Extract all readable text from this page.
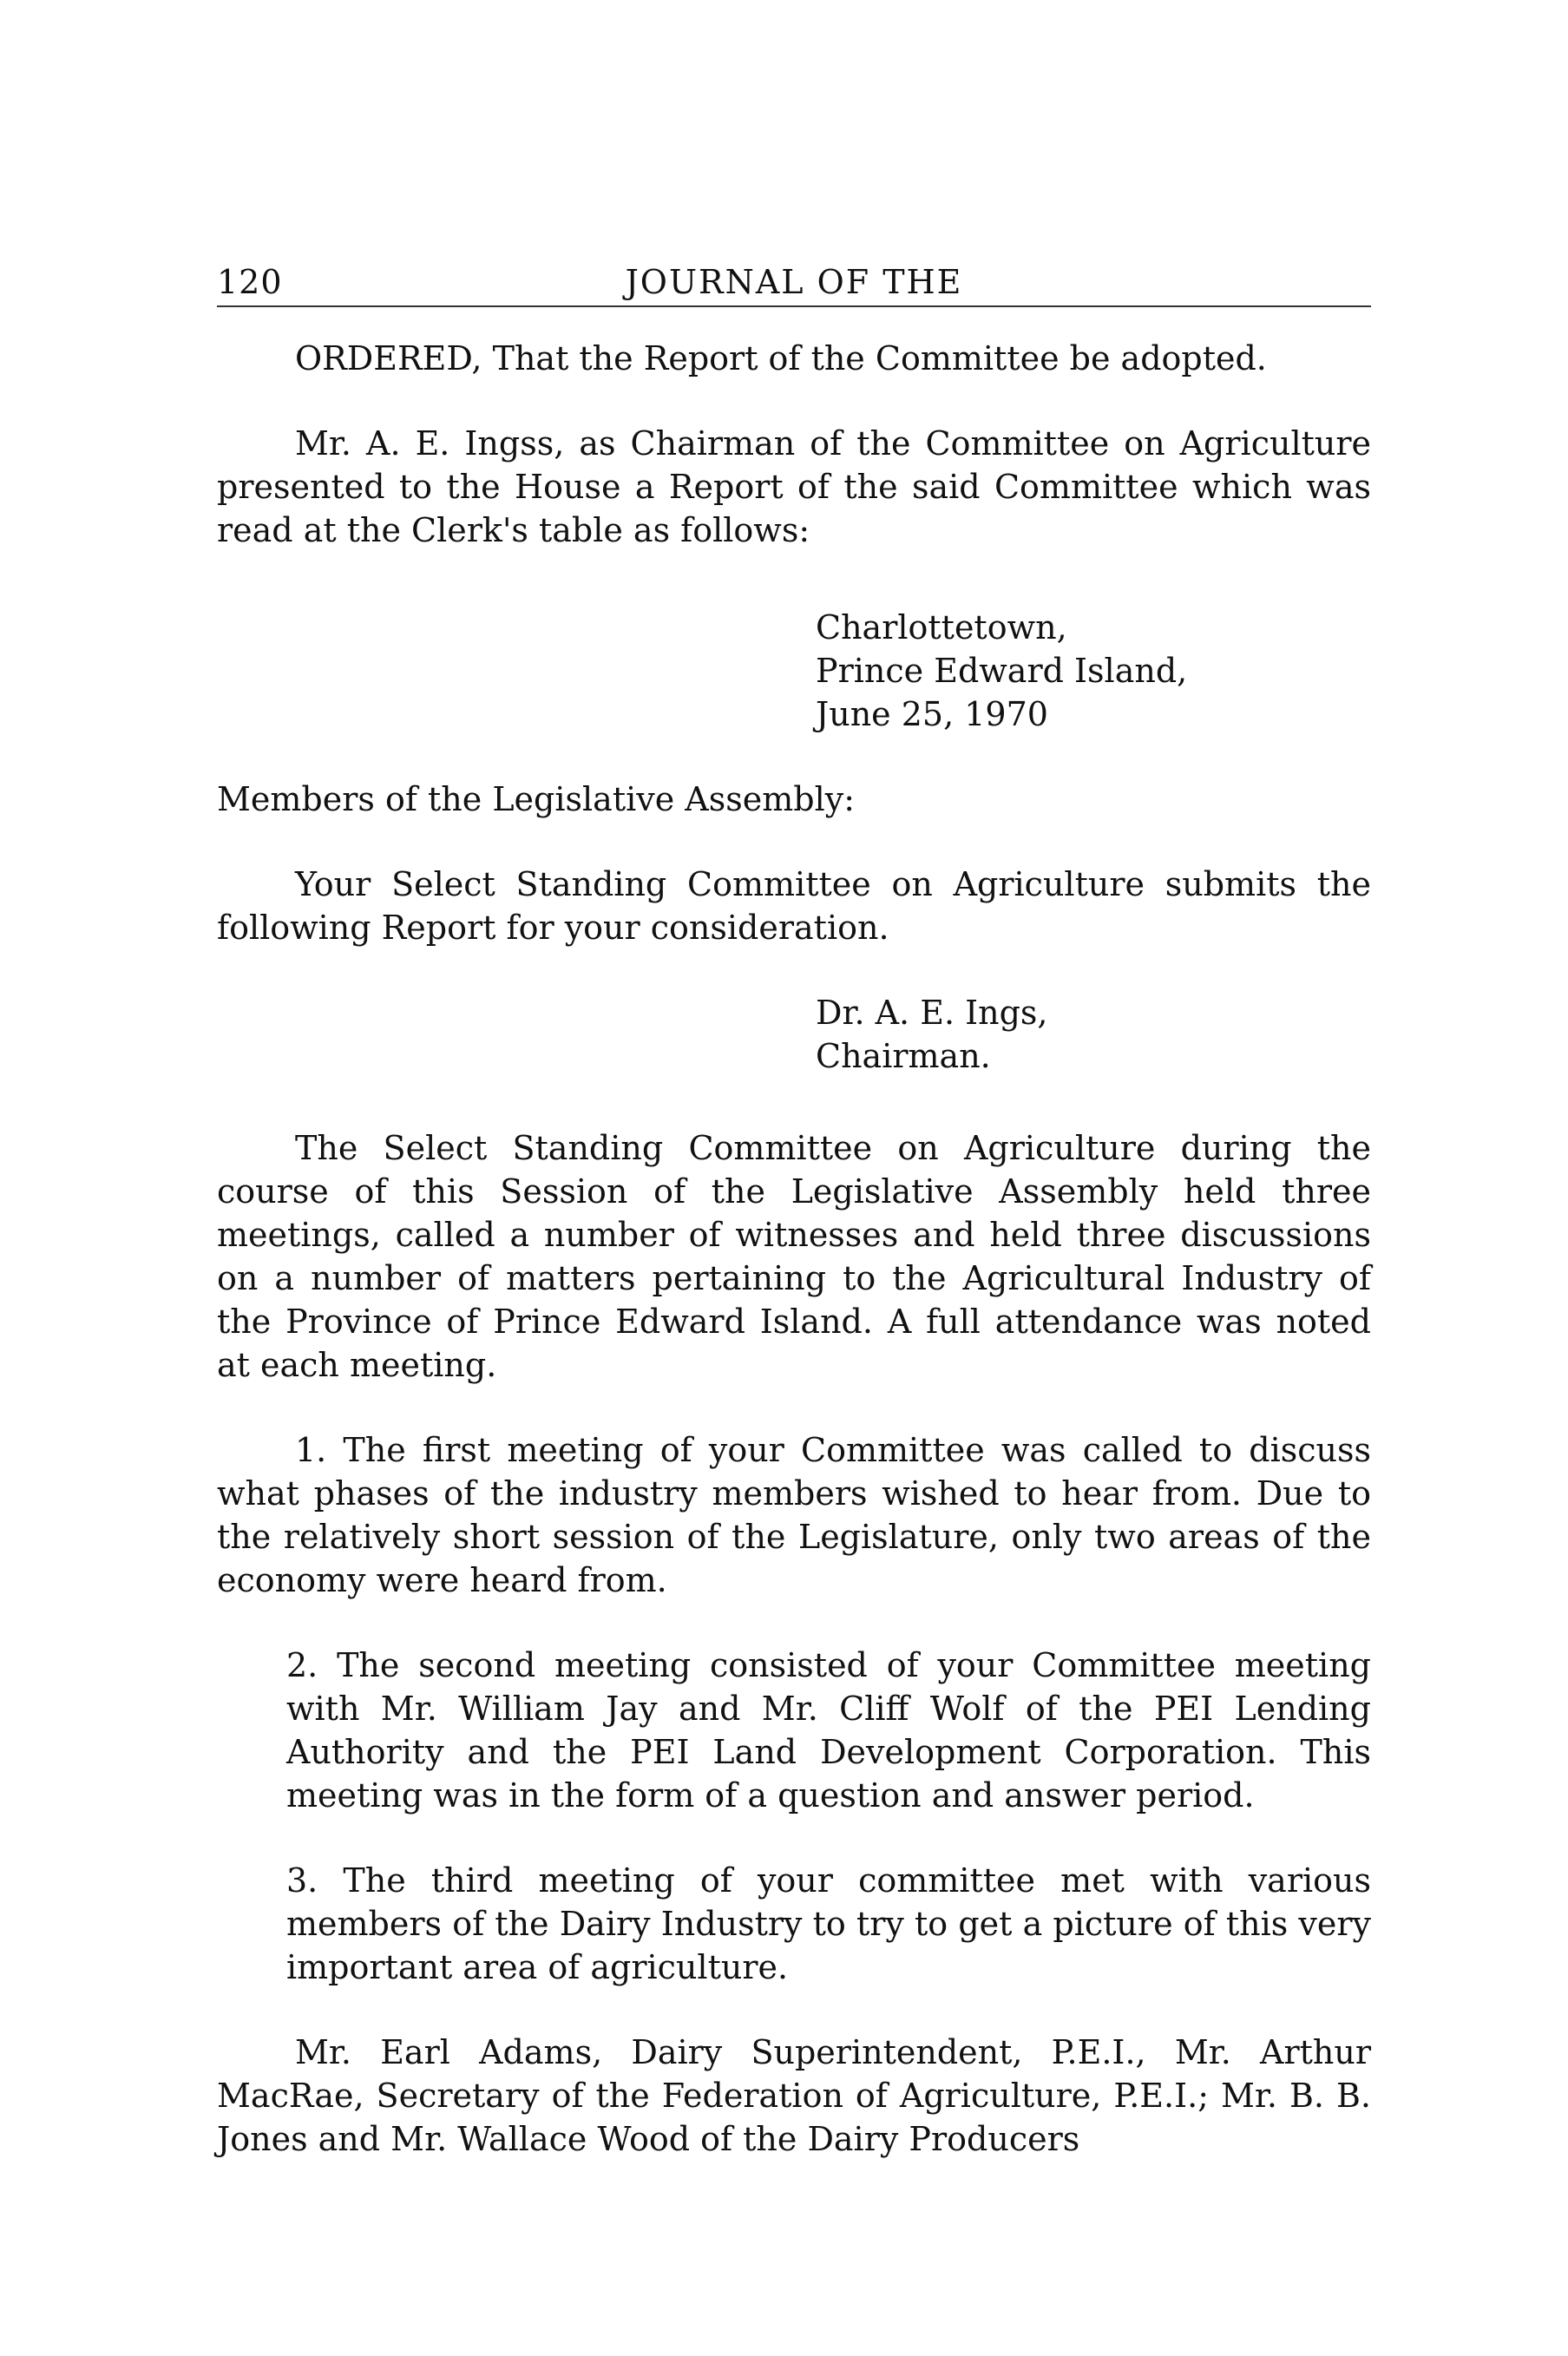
120	JOURNAL OF THE

ORDERED, That the Report of the Committee be adopted.

Mr. A. E. Ingss, as Chairman of the Committee on Agriculture presented to the House a Report of the said Committee which was read at the Clerk's table as follows:

Charlottetown,
Prince Edward Island,
June 25, 1970

Members of the Legislative Assembly:

Your Select Standing Committee on Agriculture submits the following Report for your consideration.

Dr. A. E. Ings,
Chairman.

The Select Standing Committee on Agriculture during the course of this Session of the Legislative Assembly held three meetings, called a number of witnesses and held three discussions on a number of matters pertaining to the Agricultural Industry of the Province of Prince Edward Island. A full attendance was noted at each meeting.

1. The first meeting of your Committee was called to discuss what phases of the industry members wished to hear from. Due to the relatively short session of the Legislature, only two areas of the economy were heard from.

2. The second meeting consisted of your Committee meeting with Mr. William Jay and Mr. Cliff Wolf of the PEI Lending Authority and the PEI Land Development Corporation. This meeting was in the form of a question and answer period.

3. The third meeting of your committee met with various members of the Dairy Industry to try to get a picture of this very important area of agriculture.

Mr. Earl Adams, Dairy Superintendent, P.E.I., Mr. Arthur MacRae, Secretary of the Federation of Agriculture, P.E.I.; Mr. B. B. Jones and Mr. Wallace Wood of the Dairy Producers
